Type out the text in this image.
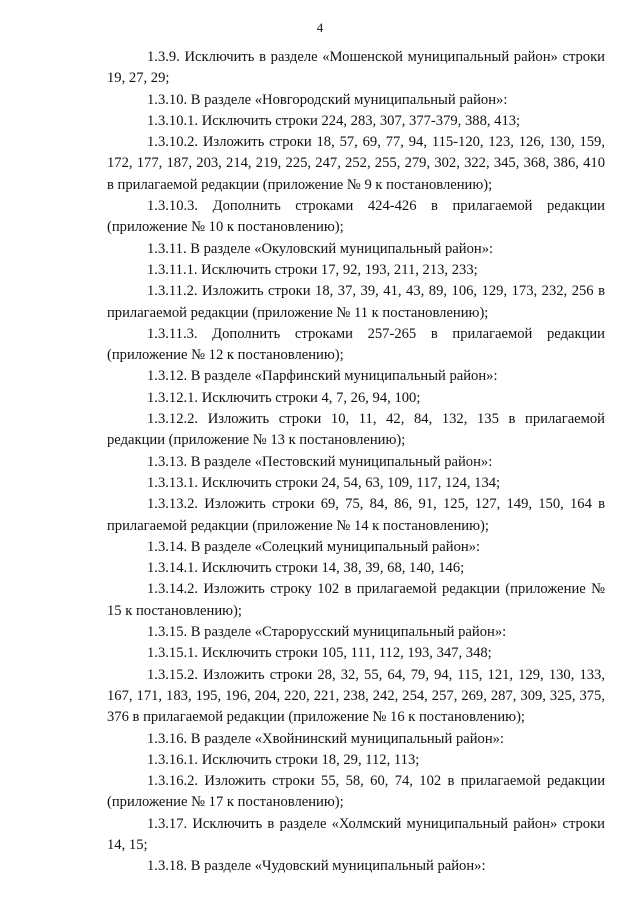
4

1.3.9. Исключить в разделе «Мошенской муниципальный район» строки 19, 27, 29;

1.3.10. В разделе «Новгородский муниципальный район»:

1.3.10.1. Исключить строки 224, 283, 307, 377-379, 388, 413;

1.3.10.2. Изложить строки 18, 57, 69, 77, 94, 115-120, 123, 126, 130, 159, 172, 177, 187, 203, 214, 219, 225, 247, 252, 255, 279, 302, 322, 345, 368, 386, 410 в прилагаемой редакции (приложение № 9 к постановлению);

1.3.10.3. Дополнить строками 424-426 в прилагаемой редакции (приложение № 10 к постановлению);

1.3.11. В разделе «Окуловский муниципальный район»:

1.3.11.1. Исключить строки 17, 92, 193, 211, 213, 233;

1.3.11.2. Изложить строки 18, 37, 39, 41, 43, 89, 106, 129, 173, 232, 256 в прилагаемой редакции (приложение № 11 к постановлению);

1.3.11.3. Дополнить строками 257-265 в прилагаемой редакции (приложение № 12 к постановлению);

1.3.12. В разделе «Парфинский муниципальный район»:

1.3.12.1. Исключить строки 4, 7, 26, 94, 100;

1.3.12.2. Изложить строки 10, 11, 42, 84, 132, 135 в прилагаемой редакции (приложение № 13 к постановлению);

1.3.13. В разделе «Пестовский муниципальный район»:

1.3.13.1. Исключить строки 24, 54, 63, 109, 117, 124, 134;

1.3.13.2. Изложить строки 69, 75, 84, 86, 91, 125, 127, 149, 150, 164 в прилагаемой редакции (приложение № 14 к постановлению);

1.3.14. В разделе «Солецкий муниципальный район»:

1.3.14.1. Исключить строки 14, 38, 39, 68, 140, 146;

1.3.14.2. Изложить строку 102 в прилагаемой редакции (приложение № 15 к постановлению);

1.3.15. В разделе «Старорусский муниципальный район»:

1.3.15.1. Исключить строки 105, 111, 112, 193, 347, 348;

1.3.15.2. Изложить строки 28, 32, 55, 64, 79, 94, 115, 121, 129, 130, 133, 167, 171, 183, 195, 196, 204, 220, 221, 238, 242, 254, 257, 269, 287, 309, 325, 375, 376 в прилагаемой редакции (приложение № 16 к постановлению);

1.3.16. В разделе «Хвойнинский муниципальный район»:

1.3.16.1. Исключить строки 18, 29, 112, 113;

1.3.16.2. Изложить строки 55, 58, 60, 74, 102 в прилагаемой редакции (приложение № 17 к постановлению);

1.3.17. Исключить в разделе «Холмский муниципальный район» строки 14, 15;

1.3.18. В разделе «Чудовский муниципальный район»:
